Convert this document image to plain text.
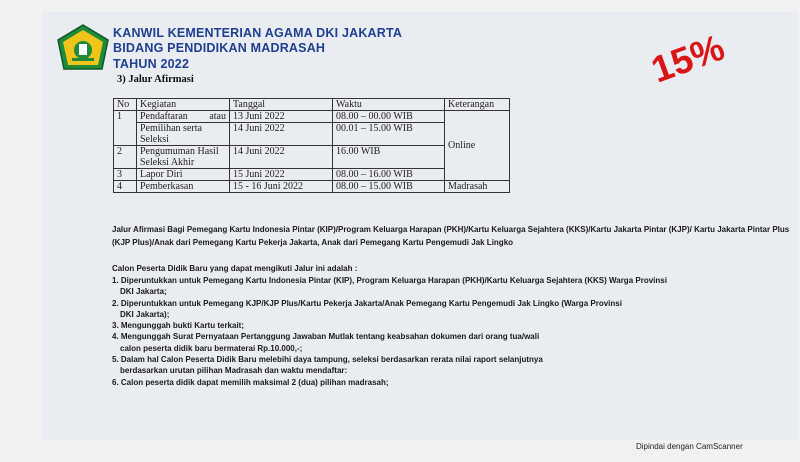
KANWIL KEMENTERIAN AGAMA DKI JAKARTA
BIDANG PENDIDIKAN MADRASAH
TAHUN 2022
3) Jalur Afirmasi	15%
No	Kegiatan	Tanggal	Waktu	Keterangan
1	Pendaftaran atau	13 Juni 2022	08.00 – 00.00 WIB	Online
	Pemilihan serta Seleksi	14 Juni 2022	00.01 – 15.00 WIB	
2	Pengumuman Hasil Seleksi Akhir	14 Juni 2022	16.00 WIB	
3	Lapor Diri	15 Juni 2022	08.00 – 16.00 WIB	
4	Pemberkasan	15 - 16 Juni 2022	08.00 – 15.00 WIB	Madrasah
Jalur Afirmasi Bagi Pemegang Kartu Indonesia Pintar (KIP)/Program Keluarga Harapan (PKH)/Kartu Keluarga Sejahtera (KKS)/Kartu Jakarta Pintar (KJP)/ Kartu Jakarta Pintar Plus (KJP Plus)/Anak dari Pemegang Kartu Pekerja Jakarta, Anak dari Pemegang Kartu Pengemudi Jak Lingko
Calon Peserta Didik Baru yang dapat mengikuti Jalur ini adalah :
1. Diperuntukkan untuk Pemegang Kartu Indonesia Pintar (KIP), Program Keluarga Harapan (PKH)/Kartu Keluarga Sejahtera (KKS) Warga Provinsi
DKI Jakarta;
2. Diperuntukkan untuk Pemegang KJP/KJP Plus/Kartu Pekerja Jakarta/Anak Pemegang Kartu Pengemudi Jak Lingko (Warga Provinsi
DKI Jakarta);
3. Mengunggah bukti Kartu terkait;
4. Mengunggah Surat Pernyataan Pertanggung Jawaban Mutlak tentang keabsahan dokumen dari orang tua/wali
calon peserta didik baru bermaterai Rp.10.000,-;
5. Dalam hal Calon Peserta Didik Baru melebihi daya tampung, seleksi berdasarkan rerata nilai raport selanjutnya
berdasarkan urutan pilihan Madrasah dan waktu mendaftar:
6. Calon peserta didik dapat memilih maksimal 2 (dua) pilihan madrasah;
Dipindai dengan CamScanner
